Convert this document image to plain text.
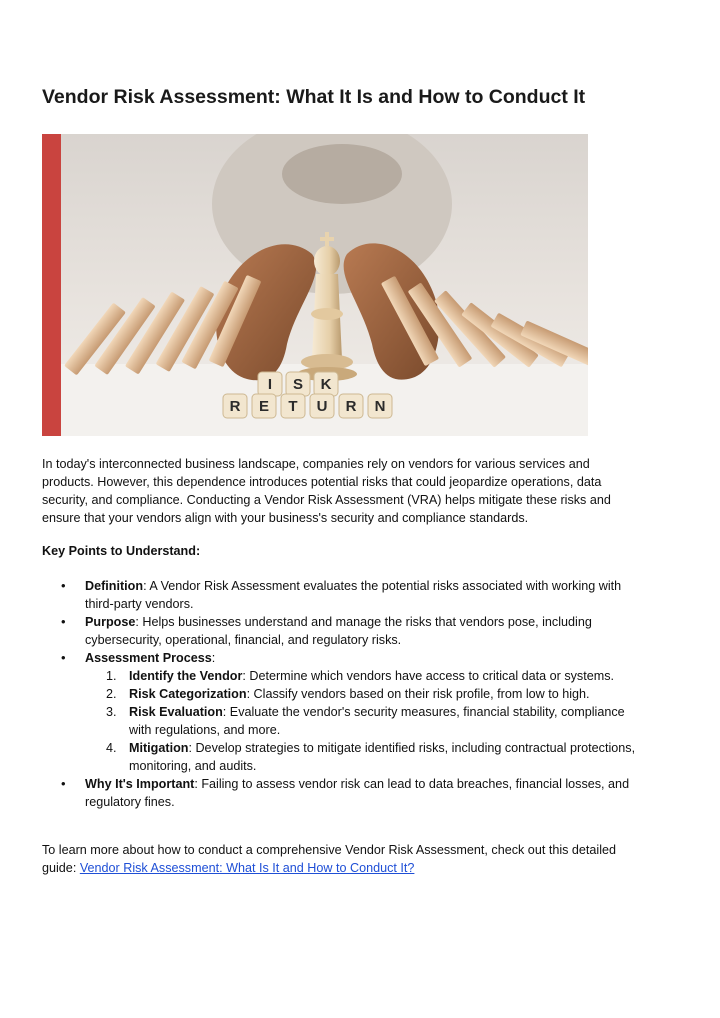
Vendor Risk Assessment: What It Is and How to Conduct It
I S K
R E T U R N
In today's interconnected business landscape, companies rely on vendors for various services and products. However, this dependence introduces potential risks that could jeopardize operations, data security, and compliance. Conducting a Vendor Risk Assessment (VRA) helps mitigate these risks and ensure that your vendors align with your business's security and compliance standards.
Key Points to Understand:
• Definition: A Vendor Risk Assessment evaluates the potential risks associated with working with third-party vendors.
• Purpose: Helps businesses understand and manage the risks that vendors pose, including cybersecurity, operational, financial, and regulatory risks.
• Assessment Process:
1. Identify the Vendor: Determine which vendors have access to critical data or systems.
2. Risk Categorization: Classify vendors based on their risk profile, from low to high.
3. Risk Evaluation: Evaluate the vendor's security measures, financial stability, compliance with regulations, and more.
4. Mitigation: Develop strategies to mitigate identified risks, including contractual protections, monitoring, and audits.
• Why It's Important: Failing to assess vendor risk can lead to data breaches, financial losses, and regulatory fines.
To learn more about how to conduct a comprehensive Vendor Risk Assessment, check out this detailed guide: Vendor Risk Assessment: What Is It and How to Conduct It?
